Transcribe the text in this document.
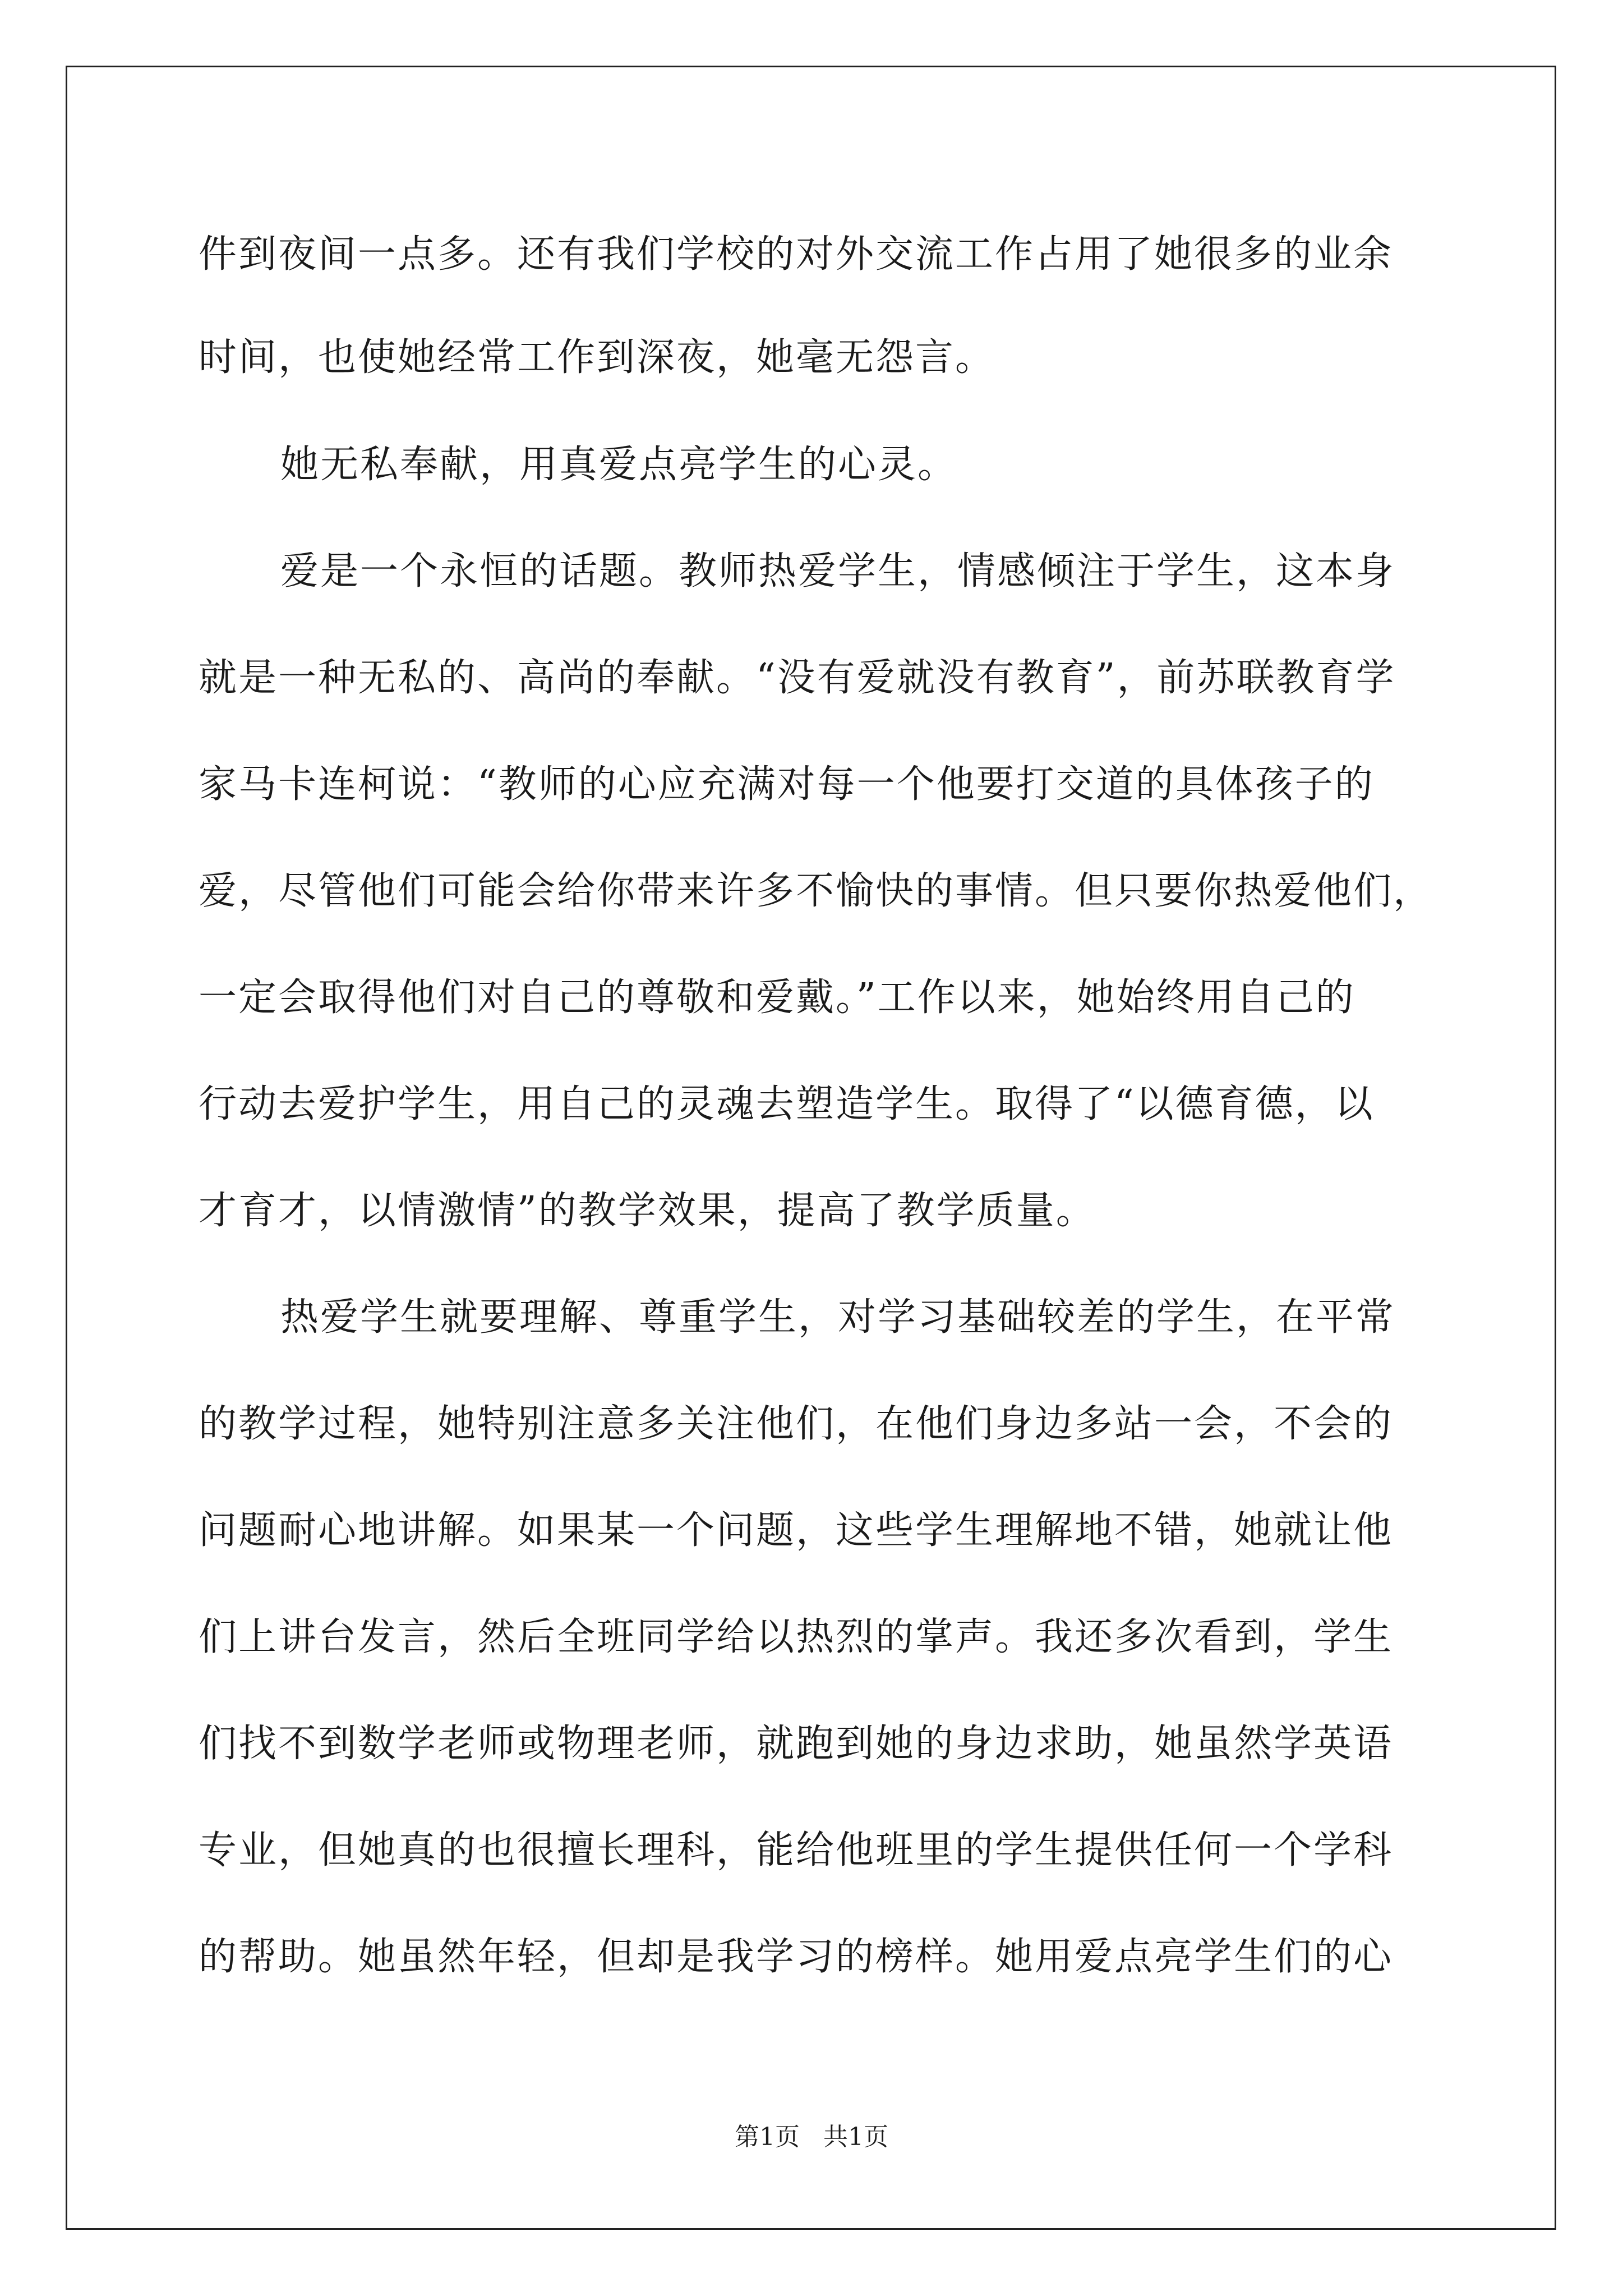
件到夜间一点多。还有我们学校的对外交流工作占用了她很多的业余
时间，也使她经常工作到深夜，她毫无怨言。
她无私奉献，用真爱点亮学生的心灵。
爱是一个永恒的话题。教师热爱学生，情感倾注于学生，这本身
就是一种无私的、高尚的奉献。“没有爱就没有教育”，前苏联教育学
家马卡连柯说：“教师的心应充满对每一个他要打交道的具体孩子的
爱，尽管他们可能会给你带来许多不愉快的事情。但只要你热爱他们，
一定会取得他们对自己的尊敬和爱戴。”工作以来，她始终用自己的
行动去爱护学生，用自己的灵魂去塑造学生。取得了“以德育德，以
才育才，以情激情”的教学效果，提高了教学质量。
热爱学生就要理解、尊重学生，对学习基础较差的学生，在平常
的教学过程，她特别注意多关注他们，在他们身边多站一会，不会的
问题耐心地讲解。如果某一个问题，这些学生理解地不错，她就让他
们上讲台发言，然后全班同学给以热烈的掌声。我还多次看到，学生
们找不到数学老师或物理老师，就跑到她的身边求助，她虽然学英语
专业，但她真的也很擅长理科，能给他班里的学生提供任何一个学科
的帮助。她虽然年轻，但却是我学习的榜样。她用爱点亮学生们的心
第1页   共1页
